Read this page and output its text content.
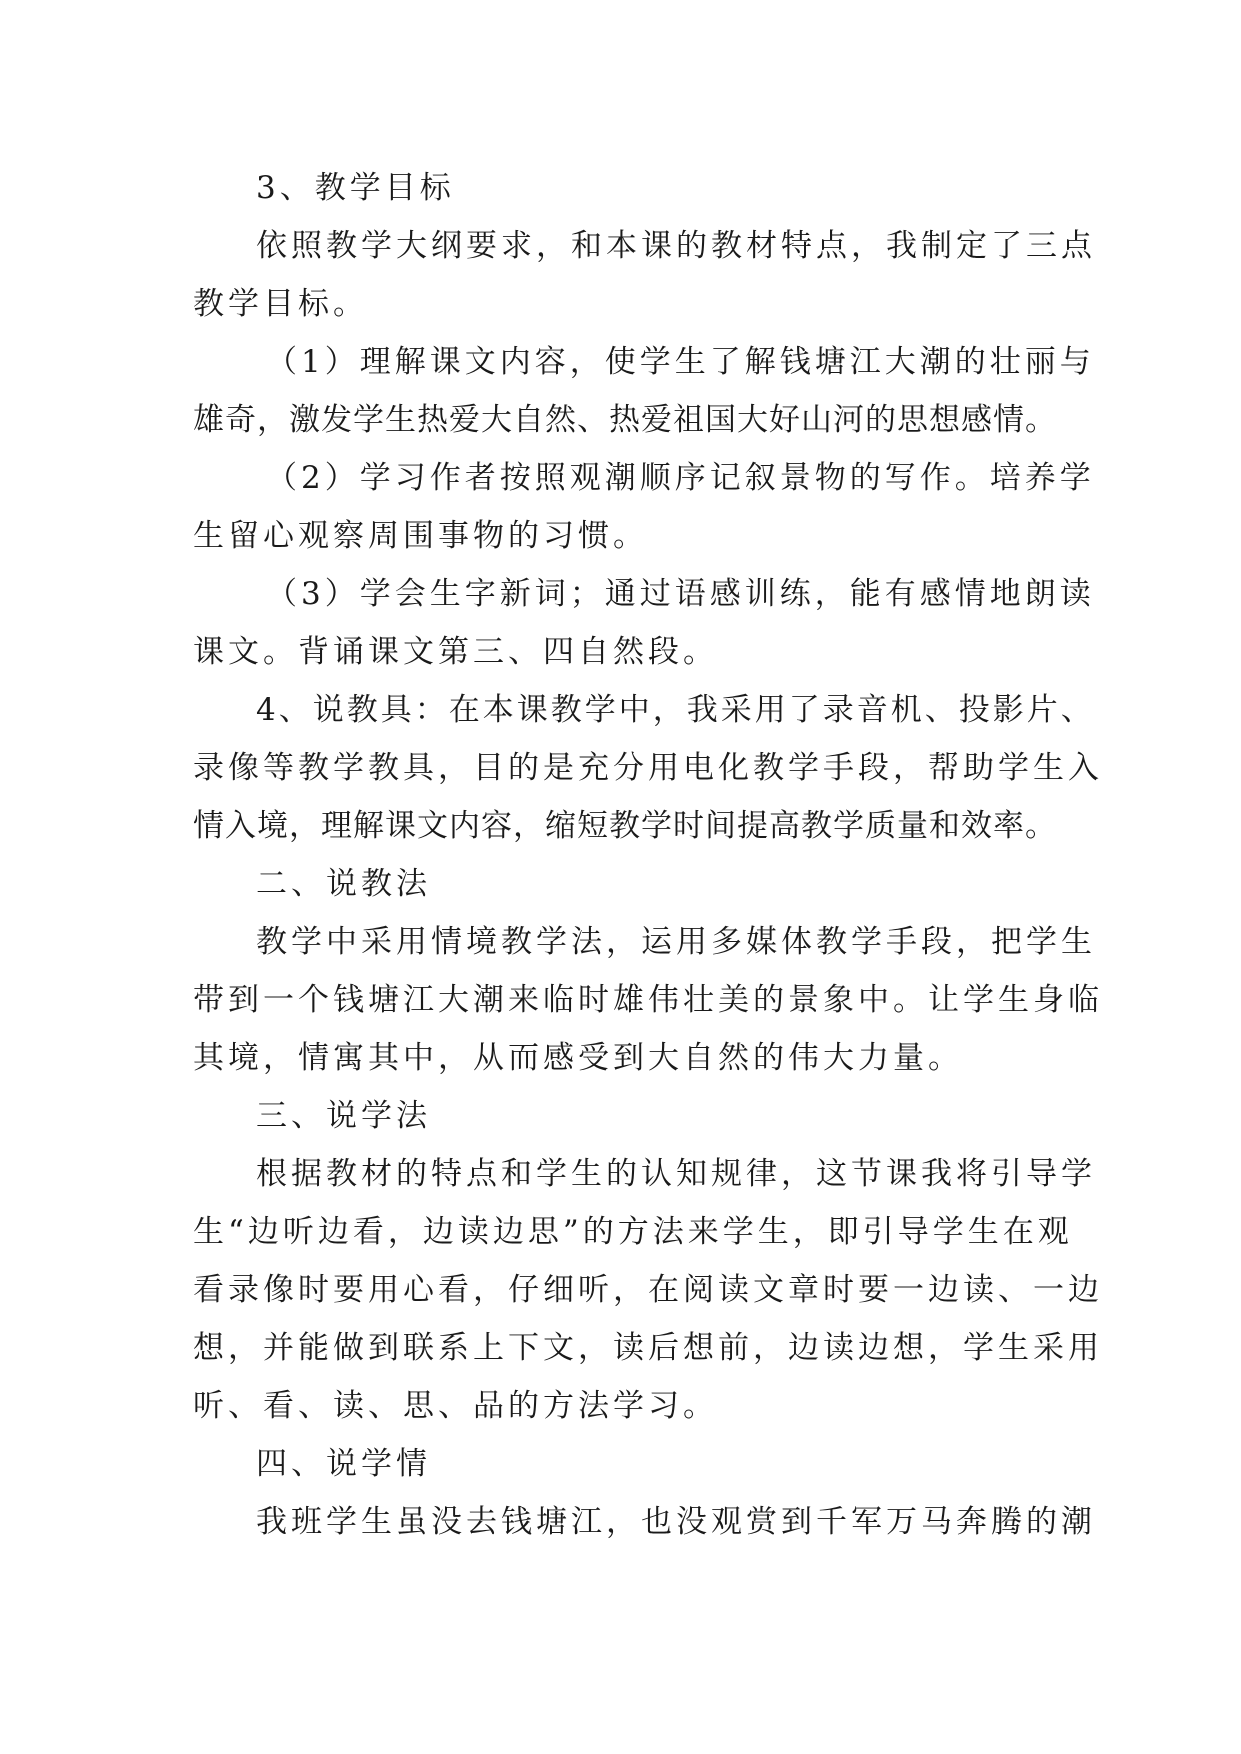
3、教学目标
依照教学大纲要求，和本课的教材特点，我制定了三点
教学目标。
（1）理解课文内容，使学生了解钱塘江大潮的壮丽与
雄奇，激发学生热爱大自然、热爱祖国大好山河的思想感情。
（2）学习作者按照观潮顺序记叙景物的写作。培养学
生留心观察周围事物的习惯。
（3）学会生字新词；通过语感训练，能有感情地朗读
课文。背诵课文第三、四自然段。
4、说教具：在本课教学中，我采用了录音机、投影片、
录像等教学教具，目的是充分用电化教学手段，帮助学生入
情入境，理解课文内容，缩短教学时间提高教学质量和效率。
二、说教法
教学中采用情境教学法，运用多媒体教学手段，把学生
带到一个钱塘江大潮来临时雄伟壮美的景象中。让学生身临
其境，情寓其中，从而感受到大自然的伟大力量。
三、说学法
根据教材的特点和学生的认知规律，这节课我将引导学
生“边听边看，边读边思”的方法来学生，即引导学生在观
看录像时要用心看，仔细听，在阅读文章时要一边读、一边
想，并能做到联系上下文，读后想前，边读边想，学生采用
听、看、读、思、品的方法学习。
四、说学情
我班学生虽没去钱塘江，也没观赏到千军万马奔腾的潮
